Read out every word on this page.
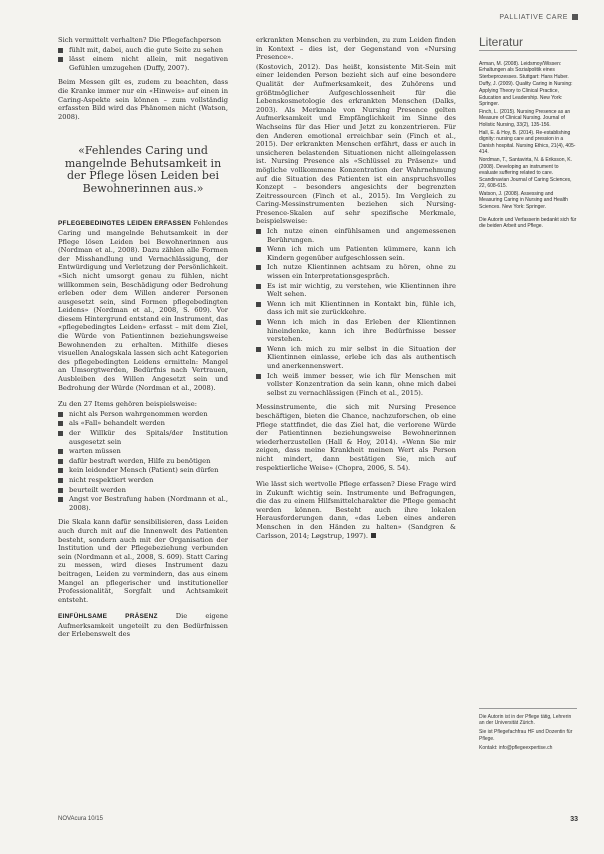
PALLIATIVE CARE

Sich vermittelt verhalten? Die Pflegefachperson

fühlt mit, dabei, auch die gute Seite zu sehen
lässt einem nicht allein, mit negativen Gefühlen umzugehen (Duffy, 2007).

Beim Messen gilt es, zudem zu beachten, dass die Kranke immer nur ein «Hinweis» auf einen in Caring-Aspekte sein können – zum vollständig erfassten Bild wird das Phänomen nicht (Watson, 2008).

«Fehlendes Caring und mangelnde Behutsamkeit in der Pflege lösen Leiden bei Bewohnerinnen aus.»

PFLEGEBEDINGTES LEIDEN ERFASSEN Fehlendes Caring und mangelnde Behutsamkeit in der Pflege lösen Leiden bei Bewohnerinnen aus (Nordman et al., 2008). Dazu zählen alle Formen der Misshandlung und Vernachlässigung, der Entwürdigung und Verletzung der Persönlichkeit. «Sich nicht umsorgt genau zu fühlen, nicht willkommen sein, Beschädigung oder Bedrohung erleben oder dem Willen anderer Personen ausgesetzt sein, sind Formen pflegebedingten Leidens» (Nordman et al., 2008, S. 609). Vor diesem Hintergrund entstand ein Instrument, das «pflegebedingtes Leiden» erfasst – mit dem Ziel, die Würde von Patientinnen beziehungsweise Bewohnenden zu erhalten. Mithilfe dieses visuellen Analogskala lassen sich acht Kategorien des pflegebedingten Leidens ermitteln: Mangel an Umsorgtwerden, Bedürfnis nach Vertrauen, Ausbleiben des Willen Angesetzt sein und Bedrohung der Würde (Nordman et al., 2008).

Zu den 27 Items gehören beispielsweise:

nicht als Person wahrgenommen werden
als «Fall» behandelt werden
der Willkür des Spitals/der Institution ausgesetzt sein
warten müssen
dafür bestraft werden, Hilfe zu benötigen
kein leidender Mensch (Patient) sein dürfen
nicht respektiert werden
beurteilt werden
Angst vor Bestrafung haben (Nordmann et al., 2008).

Die Skala kann dafür sensibilisieren, dass Leiden auch durch mit auf die Innenwelt des Patienten besteht, sondern auch mit der Organisation der Institution und der Pflegebeziehung verbunden sein (Nordmann et al., 2008, S. 609). Statt Caring zu messen, wird dieses Instrument dazu beitragen, Leiden zu vermindern, das aus einem Mangel an pflegerischer und institutioneller Professionalität, Sorgfalt und Achtsamkeit entsteht.

EINFÜHLSAME PRÄSENZ	Die eigene Aufmerksamkeit ungeteilt zu den Bedürfnissen der Erlebenswelt des

erkrankten Menschen zu verbinden, zu zum Leiden finden in Kontext – dies ist, der Gegenstand von «Nursing Presence».

(Kostovich, 2012). Das heißt, konsistente Mit-Sein mit einer leidenden Person bezieht sich auf eine besondere Qualität der Aufmerksamkeit, des Zuhörens und größtmöglicher Aufgeschlossenheit für die Lebenskosmetologie des erkrankten Menschen (Dalks, 2003). Als Merkmale von Nursing Presence gelten Aufmerksamkeit und Empfänglichkeit im Sinne des Wachseins für das Hier und Jetzt zu konzentrieren. Für den Anderen emotional erreichbar sein (Finch et al., 2015). Der erkrankten Menschen erfährt, dass er auch in unsicheren belastenden Situationen nicht alleingelassen ist. Nursing Presence als «Schlüssel zu Präsenz» und mögliche vollkommene Konzentration der Wahrnehmung auf die Situation des Patienten ist ein anspruchsvolles Konzept – besonders angesichts der begrenzten Zeitressourcen (Finch et al., 2015). Im Vergleich zu Caring-Messinstrumenten beziehen sich Nursing-Presence-Skalen auf sehr spezifische Merkmale, beispielsweise:

Ich nutze einen einfühlsamen und angemessenen Berührungen.
Wenn ich mich um Patienten kümmere, kann ich Kindern gegenüber aufgeschlossen sein.
Ich nutze Klientinnen achtsam zu hören, ohne zu wissen ein Interpretationsgespräch.
Es ist mir wichtig, zu verstehen, wie Klientinnen ihre Welt sehen.
Wenn ich mit Klientinnen in Kontakt bin, fühle ich, dass ich mit sie zurückkehre.
Wenn ich mich in das Erleben der Klientinnen hineindenke, kann ich ihre Bedürfnisse besser verstehen.
Wenn ich mich zu mir selbst in die Situation der Klientinnen einlasse, erlebe ich das als authentisch und anerkennenswert.
Ich weiß immer besser, wie ich für Menschen mit vollster Konzentration da sein kann, ohne mich dabei selbst zu vernachlässigen (Finch et al., 2015).

Messinstrumente, die sich mit Nursing Presence beschäftigen, bieten die Chance, nachzuforschen, ob eine Pflege stattfindet, die das Ziel hat, die verlorene Würde der Patientinnen beziehungsweise Bewohnerinnen wiederherzustellen (Hall & Hoy, 2014). «Wenn Sie mir zeigen, dass meine Krankheit meinen Wert als Person nicht mindert, dann bestätigen Sie, mich auf respektierliche Weise» (Chopra, 2006, S. 54).

Wie lässt sich wertvolle Pflege erfassen? Diese Frage wird in Zukunft wichtig sein. Instrumente und Befragungen, die das zu einem Hilfsmittelcharakter die Pflege gemacht werden können. Besteht auch ihre lokalen Herausforderungen dann, «das Leben eines anderen Menschen in den Händen zu halten» (Sandgren & Carlsson, 2014; Løgstrup, 1997).

Literatur
Arman, M. (2008). Leidsmoy/Wissen: Erhaltungen als Sozialpolitik eines Sterbeprozesses. Stuttgart: Hans Huber.
Duffy, J. (2009). Quality Caring in Nursing: Applying Theory to Clinical Practice, Education and Leadership. New York: Springer.
Finch, L. (2015). Nursing Presence as an Measure of Clinical Nursing. Journal of Holistic Nursing, 33(2), 135-156.
Hall, E. & Hoy, B. (2014). Re-establishing dignity: nursing care and pression in a Danish hospital. Nursing Ethics, 21(4), 405-414.
Nordman, T., Santavirta, N. & Eriksson, K. (2008). Developing an instrument to evaluate suffering related to care. Scandinavian Journal of Caring Sciences, 22, 608-615.
Watson, J. (2008). Assessing and Measuring Caring in Nursing and Health Sciences. New York: Springer.
Die Autorin und Verfasserin bedankt sich für die beiden Arbeit und Pflege.
Die Autorin ist in der Pflege tätig, Lehrerin an der Universität Zürich.
Sie ist Pflegefachfrau HF und Dozentin für Pflege.
Kontakt: info@pflegeexpertise.ch
NOVAcura 10/15	33
